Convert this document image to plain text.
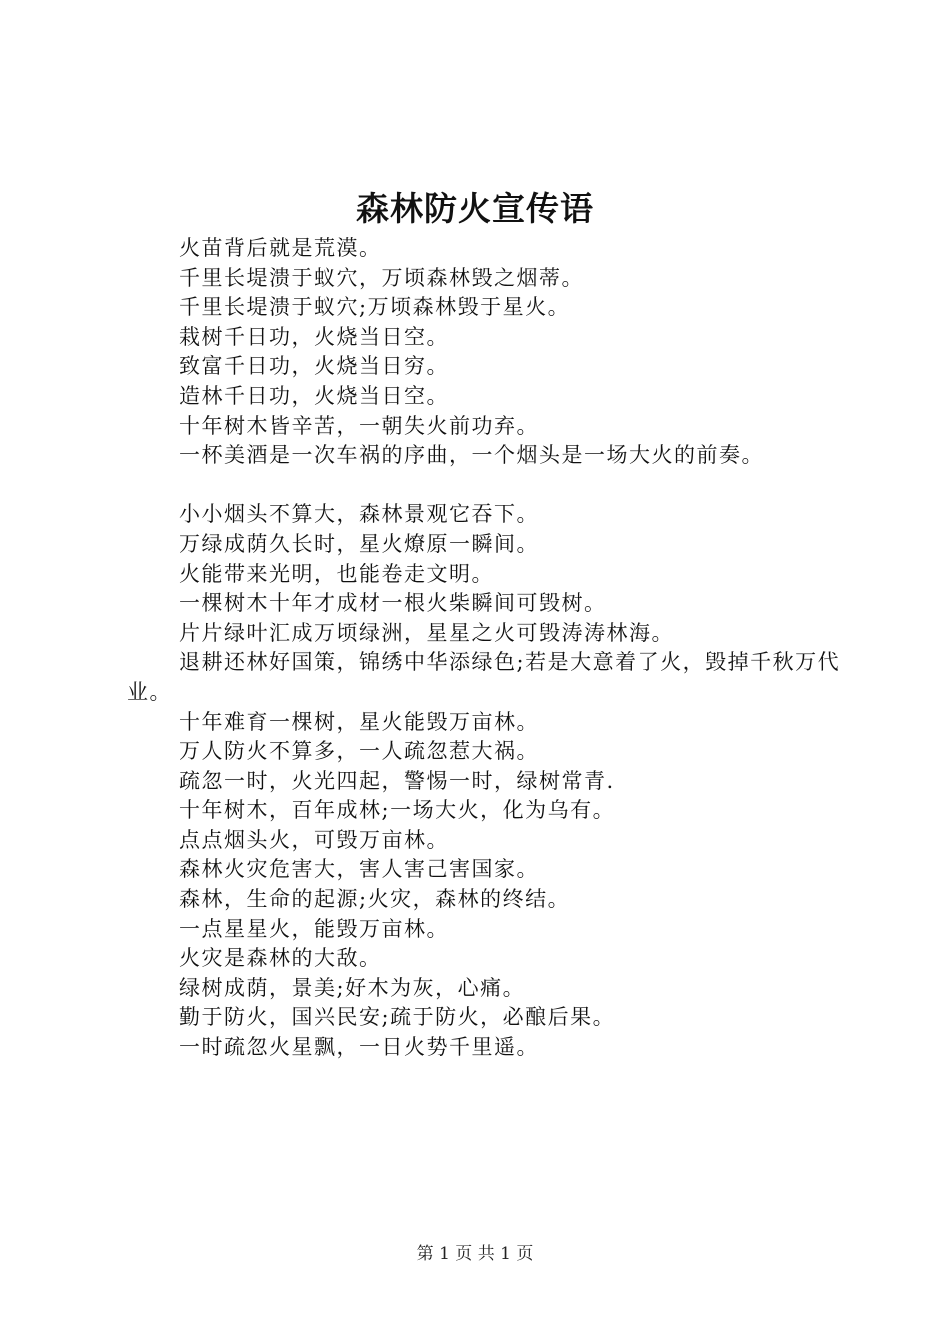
森林防火宣传语

火苗背后就是荒漠。

千里长堤溃于蚁穴，万顷森林毁之烟蒂。

千里长堤溃于蚁穴;万顷森林毁于星火。

栽树千日功，火烧当日空。

致富千日功，火烧当日穷。

造林千日功，火烧当日空。

十年树木皆辛苦，一朝失火前功弃。

一杯美酒是一次车祸的序曲，一个烟头是一场大火的前奏。

小小烟头不算大，森林景观它吞下。

万绿成荫久长时，星火燎原一瞬间。

火能带来光明，也能卷走文明。

一棵树木十年才成材一根火柴瞬间可毁树。

片片绿叶汇成万顷绿洲，星星之火可毁涛涛林海。

退耕还林好国策，锦绣中华添绿色;若是大意着了火，毁掉千秋万代业。

十年难育一棵树，星火能毁万亩林。

万人防火不算多，一人疏忽惹大祸。

疏忽一时，火光四起，警惕一时，绿树常青.

十年树木，百年成林;一场大火，化为乌有。

点点烟头火，可毁万亩林。

森林火灾危害大，害人害己害国家。

森林，生命的起源;火灾，森林的终结。

一点星星火，能毁万亩林。

火灾是森林的大敌。

绿树成荫，景美;好木为灰，心痛。

勤于防火，国兴民安;疏于防火，必酿后果。

一时疏忽火星飘，一日火势千里遥。

第 1 页 共 1 页
